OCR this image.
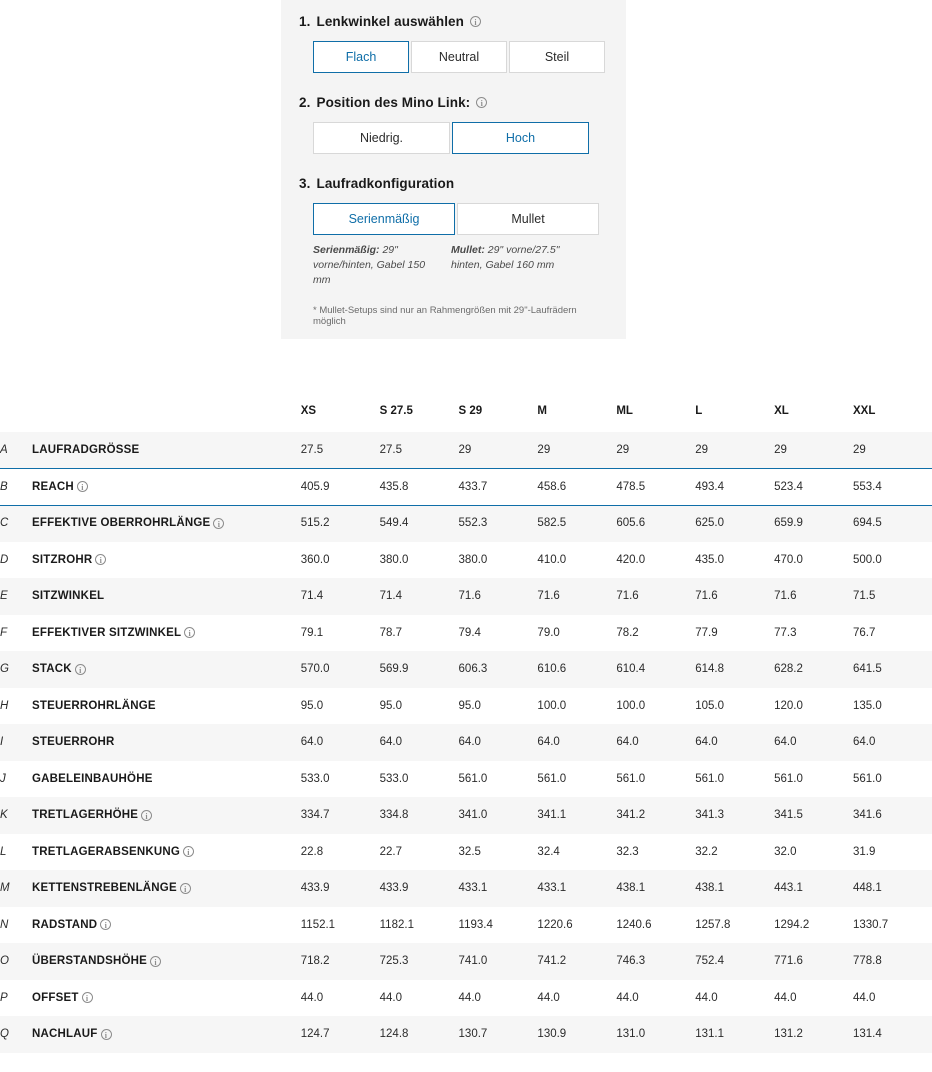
1. Lenkwinkel auswählen	i
Flach	Neutral	Steil
2. Position des Mino Link:	i
Niedrig.	Hoch
3. Laufradkonfiguration
Serienmäßig	Mullet
Serienmäßig: 29" vorne/hinten, Gabel 150 mm
Mullet: 29" vorne/27.5" hinten, Gabel 160 mm
* Mullet-Setups sind nur an Rahmengrößen mit 29"-Laufrädern möglich
		XS	S 27.5	S 29	M	ML	L	XL	XXL
A	LAUFRADGRÖSSE	27.5	27.5	29	29	29	29	29	29
B	REACH i	405.9	435.8	433.7	458.6	478.5	493.4	523.4	553.4
C	EFFEKTIVE OBERROHRLÄNGE i	515.2	549.4	552.3	582.5	605.6	625.0	659.9	694.5
D	SITZROHR i	360.0	380.0	380.0	410.0	420.0	435.0	470.0	500.0
E	SITZWINKEL	71.4	71.4	71.6	71.6	71.6	71.6	71.6	71.5
F	EFFEKTIVER SITZWINKEL i	79.1	78.7	79.4	79.0	78.2	77.9	77.3	76.7
G	STACK i	570.0	569.9	606.3	610.6	610.4	614.8	628.2	641.5
H	STEUERROHRLÄNGE	95.0	95.0	95.0	100.0	100.0	105.0	120.0	135.0
I	STEUERROHR	64.0	64.0	64.0	64.0	64.0	64.0	64.0	64.0
J	GABELEINBAUHÖHE	533.0	533.0	561.0	561.0	561.0	561.0	561.0	561.0
K	TRETLAGERHÖHE i	334.7	334.8	341.0	341.1	341.2	341.3	341.5	341.6
L	TRETLAGERABSENKUNG i	22.8	22.7	32.5	32.4	32.3	32.2	32.0	31.9
M	KETTENSTREBENLÄNGE i	433.9	433.9	433.1	433.1	438.1	438.1	443.1	448.1
N	RADSTAND i	1152.1	1182.1	1193.4	1220.6	1240.6	1257.8	1294.2	1330.7
O	ÜBERSTANDSHÖHE i	718.2	725.3	741.0	741.2	746.3	752.4	771.6	778.8
P	OFFSET i	44.0	44.0	44.0	44.0	44.0	44.0	44.0	44.0
Q	NACHLAUF i	124.7	124.8	130.7	130.9	131.0	131.1	131.2	131.4
